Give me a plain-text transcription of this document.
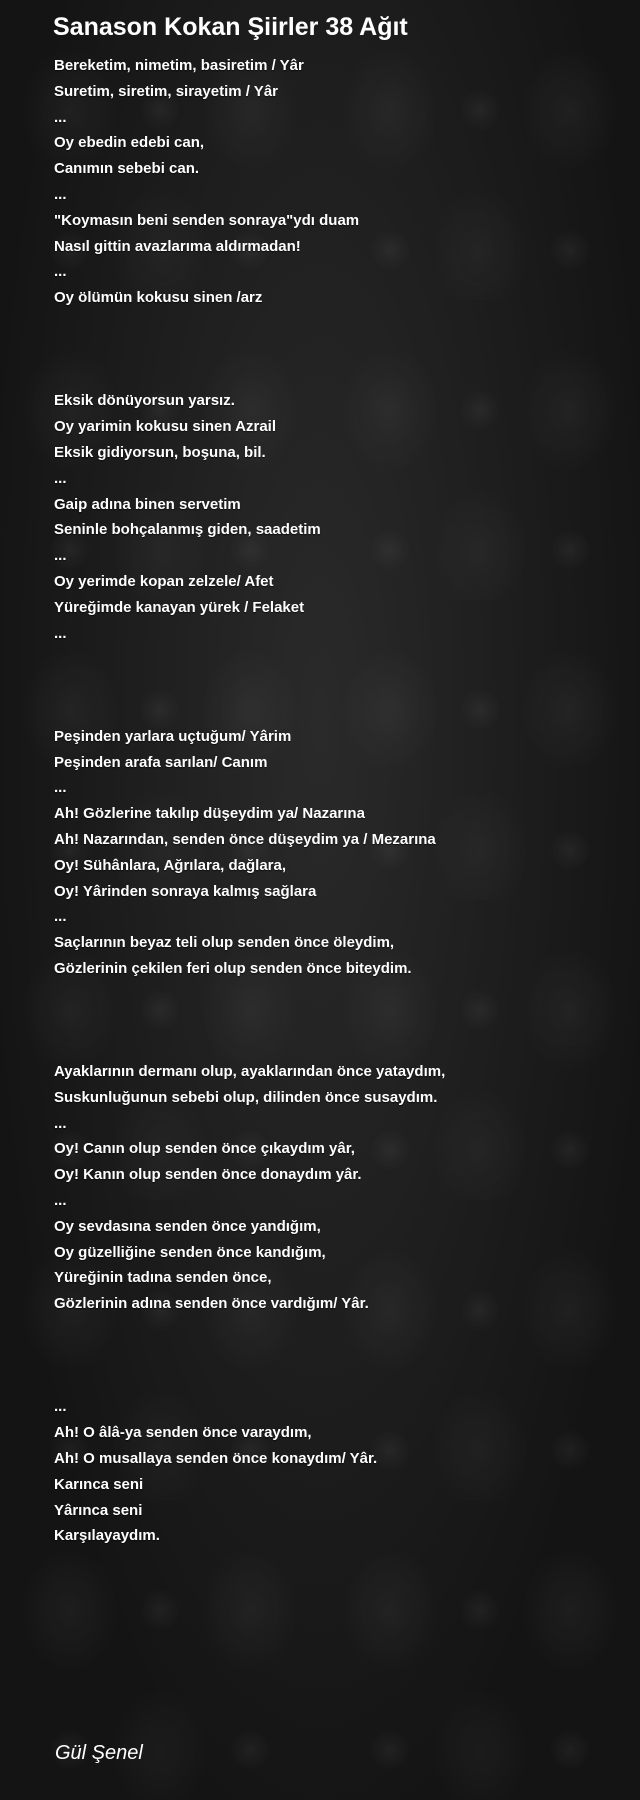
Sanason Kokan Şiirler 38 Ağıt
Bereketim, nimetim, basiretim / Yâr
Suretim, siretim, sirayetim / Yâr
...
Oy ebedin edebi can,
Canımın sebebi can.
...
"Koymasın beni senden sonraya"ydı duam
Nasıl gittin avazlarıma aldırmadan!
...
Oy ölümün kokusu sinen /arz
Eksik dönüyorsun yarsız.
Oy yarimin kokusu sinen Azrail
Eksik gidiyorsun, boşuna, bil.
...
Gaip adına binen servetim
Seninle bohçalanmış giden, saadetim
...
Oy yerimde kopan zelzele/ Afet
Yüreğimde kanayan yürek / Felaket
...
Peşinden yarlara uçtuğum/ Yârim
Peşinden arafa sarılan/ Canım
...
Ah! Gözlerine takılıp düşeydim ya/ Nazarına
Ah! Nazarından, senden önce düşeydim ya / Mezarına
Oy! Sühânlara, Ağrılara, dağlara,
Oy! Yârinden sonraya kalmış sağlara
...
Saçlarının beyaz teli olup senden önce öleydim,
Gözlerinin çekilen feri olup senden önce biteydim.
Ayaklarının dermanı olup, ayaklarından önce yataydım,
Suskunluğunun sebebi olup, dilinden önce susaydım.
...
Oy! Canın olup senden önce çıkaydım yâr,
Oy! Kanın olup senden önce donaydım yâr.
...
Oy sevdasına senden önce yandığım,
Oy güzelliğine senden önce kandığım,
Yüreğinin tadına senden önce,
Gözlerinin adına senden önce vardığım/ Yâr.
...
Ah! O âlâ-ya senden önce varaydım,
Ah! O musallaya senden önce konaydım/ Yâr.
Karınca seni
Yârınca seni
Karşılayaydım.
Gül Şenel
